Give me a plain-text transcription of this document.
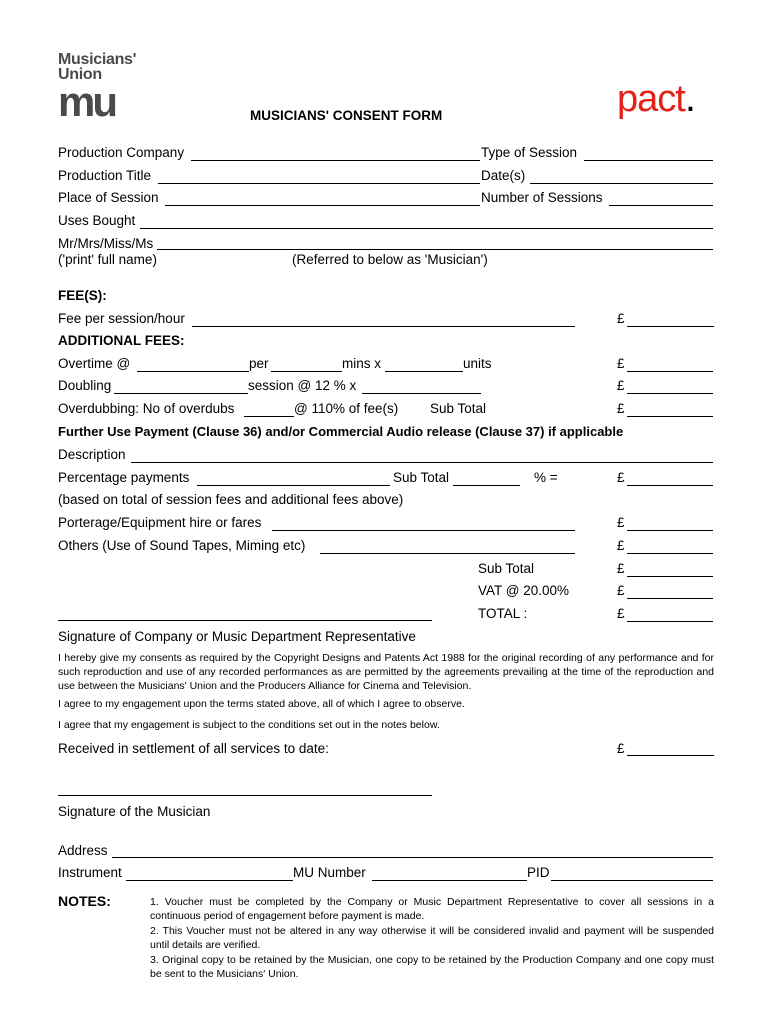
Musicians'
Union
mu	MUSICIANS' CONSENT FORM	pact.
Production Company	Type of Session
Production Title	Date(s)
Place of Session	Number of Sessions
Uses Bought
Mr/Mrs/Miss/Ms
('print' full name)	(Referred to below as 'Musician')
FEE(S):
Fee per session/hour	£
ADDITIONAL FEES:
Overtime @	per	mins x	units	£
Doubling	session @ 12 % x	£
Overdubbing: No of overdubs	@ 110% of fee(s) Sub Total	£
Further Use Payment (Clause 36) and/or Commercial Audio release (Clause 37) if applicable
Description
Percentage payments	Sub Total	% =	£
(based on total of session fees and additional fees above)
Porterage/Equipment hire or fares	£
Others (Use of Sound Tapes, Miming etc)	£
Sub Total	£
VAT @ 20.00%	£
TOTAL :	£
Signature of Company or Music Department Representative
I hereby give my consents as required by the Copyright Designs and Patents Act 1988 for the original recording of any performance and for such reproduction and use of any recorded performances as are permitted by the agreements prevailing at the time of the reproduction and use between the Musicians' Union and the Producers Alliance for Cinema and Television.
I agree to my engagement upon the terms stated above, all of which I agree to observe.
I agree that my engagement is subject to the conditions set out in the notes below.
Received in settlement of all services to date:	£
Signature of the Musician
Address
Instrument	MU Number	PID
NOTES:	1. Voucher must be completed by the Company or Music Department Representative to cover all sessions in a continuous period of engagement before payment is made.
2. This Voucher must not be altered in any way otherwise it will be considered invalid and payment will be suspended until details are verified.
3. Original copy to be retained by the Musician, one copy to be retained by the Production Company and one copy must be sent to the Musicians' Union.
